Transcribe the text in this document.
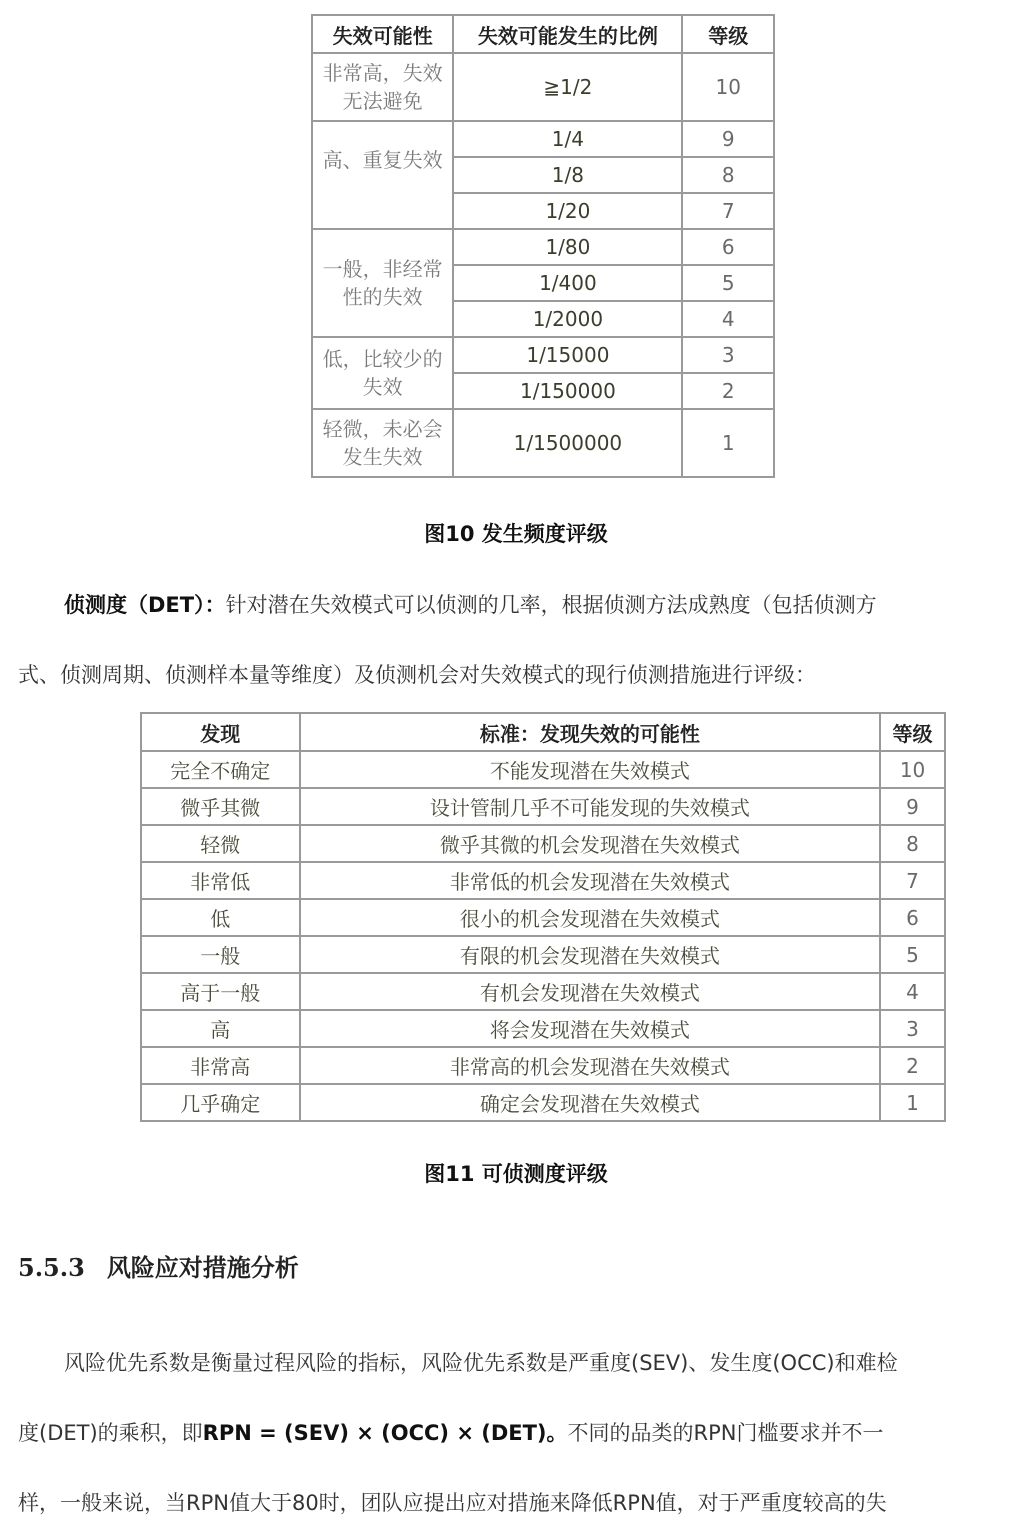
失效可能性	失效可能发生的比例	等级
非常高，失效无法避免	≧1/2	10
高、重复失效	1/4	9
	1/8	8
	1/20	7
一般，非经常性的失效	1/80	6
	1/400	5
	1/2000	4
低，比较少的失效	1/15000	3
	1/150000	2
轻微，未必会发生失效	1/1500000	1
图10 发生频度评级
侦测度（DET）：针对潜在失效模式可以侦测的几率，根据侦测方法成熟度（包括侦测方
式、侦测周期、侦测样本量等维度）及侦测机会对失效模式的现行侦测措施进行评级：
发现	标准：发现失效的可能性	等级
完全不确定	不能发现潜在失效模式	10
微乎其微	设计管制几乎不可能发现的失效模式	9
轻微	微乎其微的机会发现潜在失效模式	8
非常低	非常低的机会发现潜在失效模式	7
低	很小的机会发现潜在失效模式	6
一般	有限的机会发现潜在失效模式	5
高于一般	有机会发现潜在失效模式	4
高	将会发现潜在失效模式	3
非常高	非常高的机会发现潜在失效模式	2
几乎确定	确定会发现潜在失效模式	1
图11 可侦测度评级
5.5.3 风险应对措施分析
风险优先系数是衡量过程风险的指标，风险优先系数是严重度(SEV)、发生度(OCC)和难检
度(DET)的乘积，即RPN = (SEV) × (OCC) × (DET)。不同的品类的RPN门槛要求并不一
样，一般来说，当RPN值大于80时，团队应提出应对措施来降低RPN值，对于严重度较高的失
